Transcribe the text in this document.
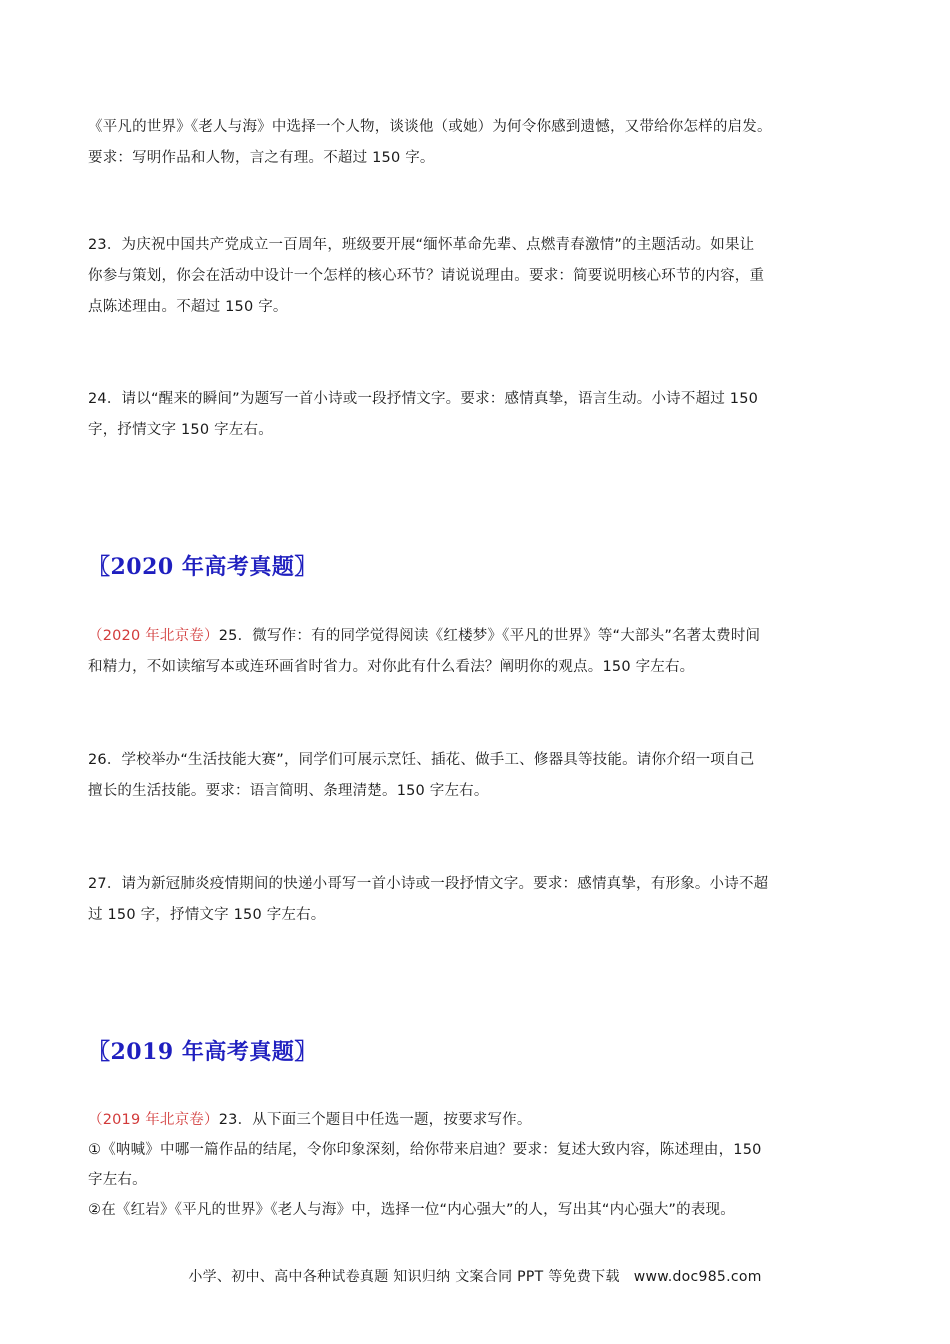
《平凡的世界》《老人与海》中选择一个人物，谈谈他（或她）为何令你感到遗憾，又带给你怎样的启发。

要求：写明作品和人物，言之有理。不超过 150 字。

23．为庆祝中国共产党成立一百周年，班级要开展“缅怀革命先辈、点燃青春激情”的主题活动。如果让

你参与策划，你会在活动中设计一个怎样的核心环节？请说说理由。要求：简要说明核心环节的内容，重

点陈述理由。不超过 150 字。

24．请以“醒来的瞬间”为题写一首小诗或一段抒情文字。要求：感情真挚，语言生动。小诗不超过 150

字，抒情文字 150 字左右。

〖2020 年高考真题〗

（2020 年北京卷）25．微写作：有的同学觉得阅读《红楼梦》《平凡的世界》等“大部头”名著太费时间

和精力，不如读缩写本或连环画省时省力。对你此有什么看法？阐明你的观点。150 字左右。

26．学校举办“生活技能大赛”，同学们可展示烹饪、插花、做手工、修器具等技能。请你介绍一项自己

擅长的生活技能。要求：语言简明、条理清楚。150 字左右。

27．请为新冠肺炎疫情期间的快递小哥写一首小诗或一段抒情文字。要求：感情真挚，有形象。小诗不超

过 150 字，抒情文字 150 字左右。

〖2019 年高考真题〗

（2019 年北京卷）23．从下面三个题目中任选一题，按要求写作。

①《呐喊》中哪一篇作品的结尾，令你印象深刻，给你带来启迪？要求：复述大致内容，陈述理由，150

字左右。

②在《红岩》《平凡的世界》《老人与海》中，选择一位“内心强大”的人，写出其“内心强大”的表现。

小学、初中、高中各种试卷真题 知识归纳 文案合同 PPT 等免费下载 www.doc985.com
